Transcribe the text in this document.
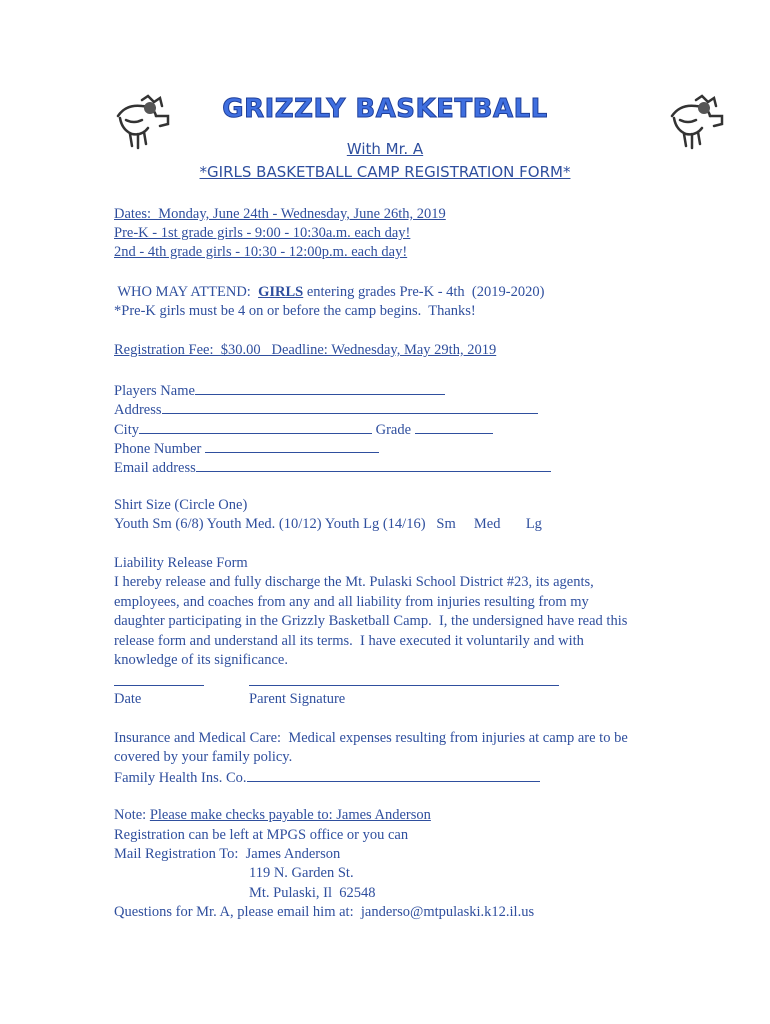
GRIZZLY BASKETBALL
With Mr. A
*GIRLS BASKETBALL CAMP REGISTRATION FORM*
Dates:  Monday, June 24th - Wednesday, June 26th, 2019
Pre-K - 1st grade girls - 9:00 - 10:30a.m. each day!
2nd - 4th grade girls - 10:30 - 12:00p.m. each day!
WHO MAY ATTEND:  GIRLS entering grades Pre-K - 4th  (2019-2020)
*Pre-K girls must be 4 on or before the camp begins.  Thanks!
Registration Fee:  $30.00   Deadline: Wednesday, May 29th, 2019
Players Name
Address
City	Grade
Phone Number
Email address
Shirt Size (Circle One)
Youth Sm (6/8) Youth Med. (10/12) Youth Lg (14/16)   Sm     Med       Lg
Liability Release Form
I hereby release and fully discharge the Mt. Pulaski School District #23, its agents,
employees, and coaches from any and all liability from injuries resulting from my
daughter participating in the Grizzly Basketball Camp.  I, the undersigned have read this
release form and understand all its terms.  I have executed it voluntarily and with
knowledge of its significance.
Date	Parent Signature
Insurance and Medical Care:  Medical expenses resulting from injuries at camp are to be
covered by your family policy.
Family Health Ins. Co.
Note: Please make checks payable to: James Anderson
Registration can be left at MPGS office or you can
Mail Registration To:  James Anderson
119 N. Garden St.
Mt. Pulaski, Il  62548
Questions for Mr. A, please email him at:  janderso@mtpulaski.k12.il.us
